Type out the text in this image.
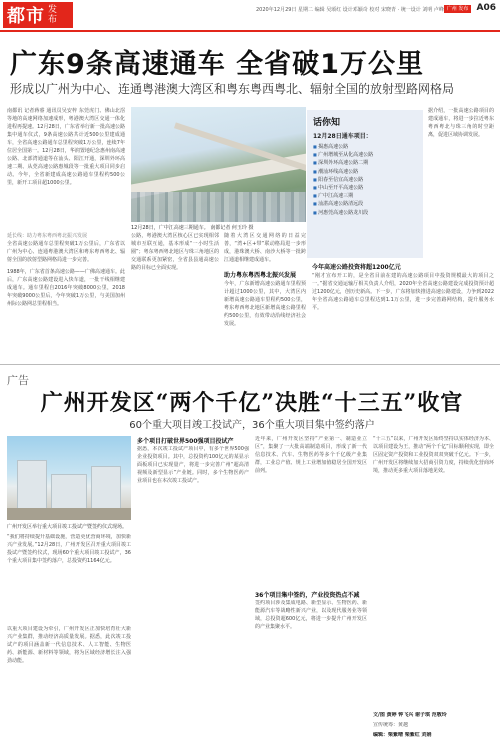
都市 发布
2020年12月29日 星期二 编辑 吴颂红 设计邓颖奇 校对 宋晓青 · 统一设计 刘明 卢峰 广州 发布 A06
广东9条高速通车 全省破1万公里
形成以广州为中心、连通粤港澳大湾区和粤东粤西粤北、辐射全国的放射型路网格局
南都讯 记者蒋睿 通讯员吴安梓 东莞虎门、佛山北滘等地的高速网络加速成形，粤港澳大湾区交通一体化进程再提速。12月28日，广东省举行新一批高速公路集中通车仪式，9条高速公路共计近500公里建成通车，全省高速公路通车总里程突破1万公里，连续7年位居全国第一。12月28日，华润置地纪念惠州南高速公路、北部湾通道等在汕头、阳江开通，深圳外环高速二期、从莞高速公路惠城段等一批重大项目同步启动。今年，全省新建成高速公路通车里程约500公里，新开工项目超1000公里。
延长线：助力粤东粤西粤北振兴发展
全省高速公路通车总里程突破1万公里后，广东省以广州为中心、连通粤港澳大湾区和粤东粤西粤北、辐射全国的放射型路网格局进一步完善。
1988年，广东省首条高速公路——广佛高速通车。此后，广东高速公路建设进入快车道，一批干线相继建成通车。通车里程自2016年突破8000公里，2018年突破9000公里后，今年突破1万公里，与美国加州州际公路网总里程相当。
12月28日，广中江高速三期通车。 南都记者 何玉玲 摄
公路，粤港澳大湾区核心区已实现相邻城市互联互通，基本形成“一小时生活圈”；粤东粤西粤北地区与珠三角地区的交通联系更加紧密，全省县县通高速公路的目标已全面实现。
随着大湾区交通网络的日益完善，“湾+区+带”联动格局进一步形成，港珠澳大桥、南沙大桥等一批跨江通道相继建成通车。
助力粤东粤西粤北振兴发展
今年，广东新增高速公路通车里程预计超过1000公里，其中，大湾区内新增高速公路通车里程约500公里，粤东粤西粤北地区新增高速公路里程约500公里，有效带动沿线经济社会发展。
话你知
12月28日通车项目：
■ 揭惠高速公路
■ 广州增城至从化高速公路
■ 深圳外环高速公路二期
■ 潮汕环线高速公路
■ 阳春至信宜高速公路
■ 中山至开平高速公路
■ 广中江高速三期
■ 汕湛高速公路清远段
■ 河惠莞高速公路龙川段
据介绍，一批高速公路项目的建成通车，将进一步拉近粤东粤西粤北与珠三角的时空距离，促进区域协调发展。
今年高速公路投资将超1200亿元
“刚才宣布开工的，是全省目前在建的高速公路项目中投资规模最大的项目之一。”据省交通运输厅相关负责人介绍，2020年全省高速公路建设完成投资预计超过1200亿元，创历史新高。下一步，广东将加快推进高速公路建设，力争到2022年全省高速公路通车总里程达到1.1万公里，进一步完善路网结构，提升服务水平。
广告
广州开发区“两个千亿”决胜“十三五”收官
60个重大项目竣工投试产，36个重大项目集中签约落户
广州开发区举行重大项目竣工投试产暨签约仪式现场。
“我们将持续提升基础设施，营造更优营商环境，加快新兴产业发展。”12月28日，广州开发区召开重大项目竣工投试产暨签约仪式，现场60个重大项目竣工投试产，36个重大项目集中签约落户，总投资约1164亿元。
以重大项目建设为牵引，广州开发区正加快培育壮大新兴产业集群，推动经济高质量发展。据悉，此次竣工投试产的项目涵盖新一代信息技术、人工智能、生物医药、新能源、新材料等领域，将为区域经济增长注入强劲动能。
多个项目打破世界500强项目投试产
据悉，本次竣工投试产项目中，有多个世界500强企业投资项目。其中，总投资约100亿元的某显示面板项目已实现量产，将进一步完善广州“超高清视频及新型显示”产业链。同时，多个生物医药产业项目也在本次竣工投试产。
近年来，广州开发区坚持“产业第一、制造业立区”，集聚了一大批高端制造项目，形成了新一代信息技术、汽车、生物医药等多个千亿级产业集群，工业总产值、规上工业增加值稳居全国开发区前列。
36个项目集中签约，产业投资热点不减
签约项目涉及集成电路、新型显示、生物医药、新能源汽车等战略性新兴产业，以及现代服务业等领域，总投资超600亿元，将进一步提升广州开发区的产业集聚水平。
“十三五”以来，广州开发区始终坚持以实体经济为本、以项目建设为王，推动“两个千亿”目标顺利实现，即全区固定资产投资和工业投资双双突破千亿元。下一步，广州开发区将继续加大招商引资力度，持续优化营商环境，推动更多重大项目落地见效。
文/图 黄婷 钟飞兴 谢子琪 范敬玲
宣传统筹：黄越
编辑：梁紫晴 梁紫红 刘娟
